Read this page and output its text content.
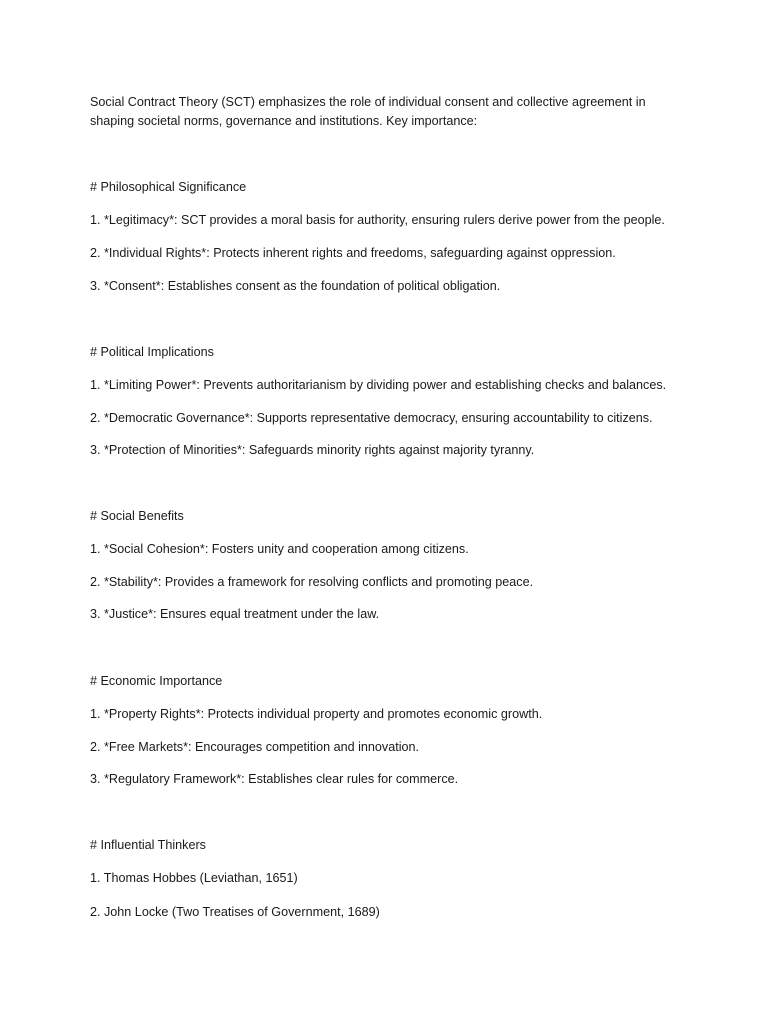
Social Contract Theory (SCT) emphasizes the role of individual consent and collective agreement in
shaping societal norms, governance and institutions. Key importance:
# Philosophical Significance
1. *Legitimacy*: SCT provides a moral basis for authority, ensuring rulers derive power from the people.
2. *Individual Rights*: Protects inherent rights and freedoms, safeguarding against oppression.
3. *Consent*: Establishes consent as the foundation of political obligation.
# Political Implications
1. *Limiting Power*: Prevents authoritarianism by dividing power and establishing checks and balances.
2. *Democratic Governance*: Supports representative democracy, ensuring accountability to citizens.
3. *Protection of Minorities*: Safeguards minority rights against majority tyranny.
# Social Benefits
1. *Social Cohesion*: Fosters unity and cooperation among citizens.
2. *Stability*: Provides a framework for resolving conflicts and promoting peace.
3. *Justice*: Ensures equal treatment under the law.
# Economic Importance
1. *Property Rights*: Protects individual property and promotes economic growth.
2. *Free Markets*: Encourages competition and innovation.
3. *Regulatory Framework*: Establishes clear rules for commerce.
# Influential Thinkers
1. Thomas Hobbes (Leviathan, 1651)
2. John Locke (Two Treatises of Government, 1689)
